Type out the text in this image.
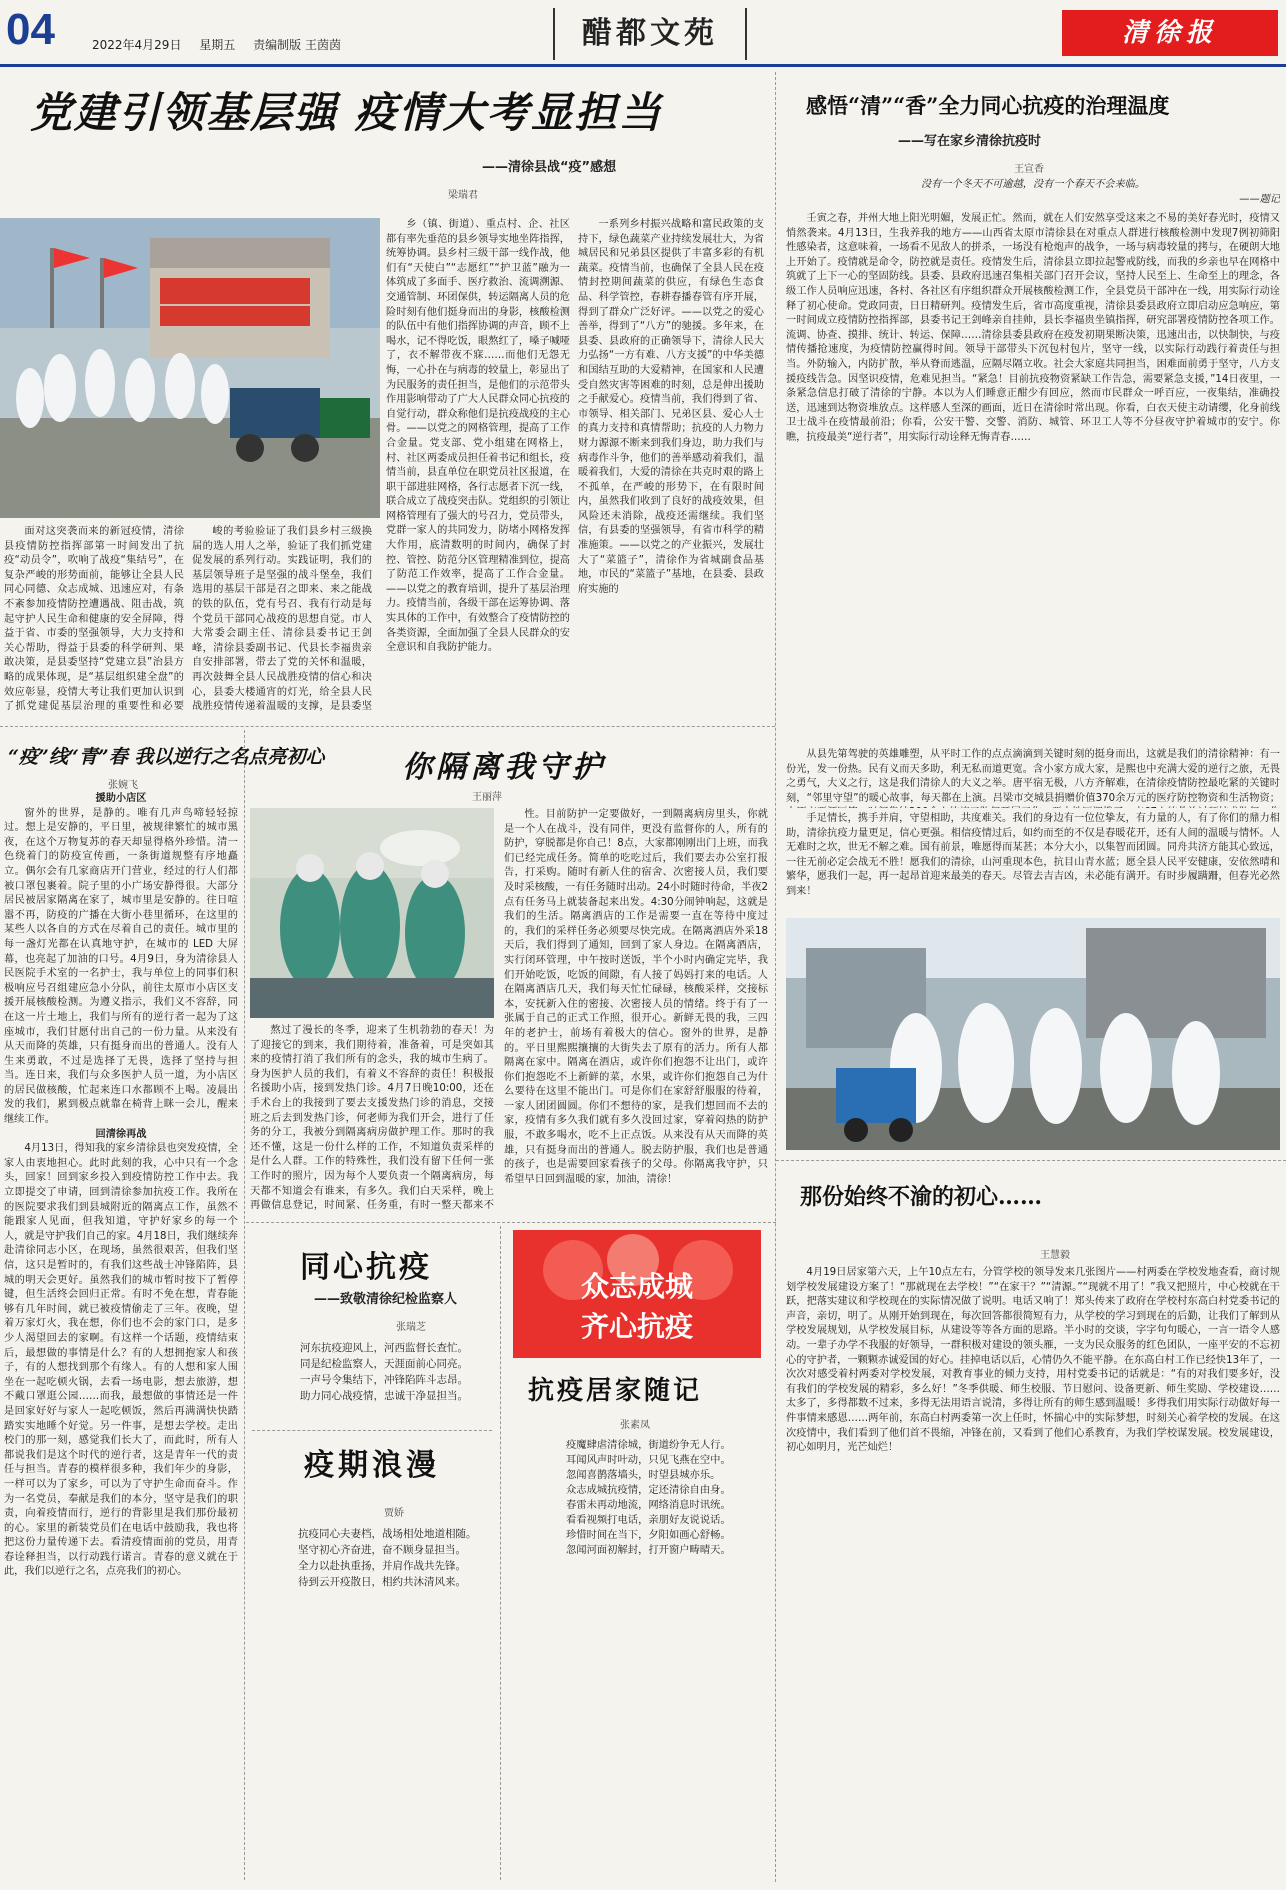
04	2022年4月29日 星期五 责编制版 王茵茵	醋都文苑	清徐报
党建引领基层强 疫情大考显担当
——清徐县战“疫”感想
梁瑞君

面对这突袭而来的新冠疫情，清徐县疫情防控指挥部第一时间发出了抗疫“动员令”，吹响了战疫“集结号”，在复杂严峻的形势面前，能够让全县人民同心同德、众志成城、迅速应对，有条不紊参加疫情防控遭遇战、阻击战，筑起守护人民生命和健康的安全屏障，得益于省、市委的坚强领导，大力支持和关心帮助，得益于县委的科学研判、果敢决策，是县委坚持“党建立县”治县方略的成果体现，是“基层组织建全盘”的效应彰显，疫情大考让我们更加认识到了抓党建促基层治理的重要性和必要

峻的考验验证了我们县乡村三级换届的选人用人之举，验证了我们抓党建促发展的系列行动。实践证明，我们的基层领导班子是坚强的战斗堡垒，我们选用的基层干部是召之即来、来之能战的铁的队伍，党有号召、我有行动是每个党员干部同心战疫的思想自觉。市人大常委会副主任、清徐县委书记王剑峰，清徐县委副书记、代县长李福贵亲自安排部署，带去了党的关怀和温暖，再次鼓舞全县人民战胜疫情的信心和决心，县委大楼通宵的灯光，给全县人民战胜疫情传递着温暖的支撑，是县委坚

乡（镇、街道）、重点村、企、社区都有率先垂范的县乡领导实地坐阵指挥，统筹协调。县乡村三级干部一线作战，他们有“天使白”“志愿红”“护卫蓝”融为一体筑成了多面手、医疗救治、流调溯源、交通管制、环团保供，转运隔离人员的危险时刻有他们挺身而出的身影，核酸检测的队伍中有他们指挥协调的声音，顾不上喝水，记不得吃饭，眼熬红了，嗓子喊哑了，衣不解带夜不寐……而他们无怨无悔，一心扑在与病毒的较量上，彰显出了为民服务的责任担当，是他们的示范带头作用影响带动了广大人民群众同心抗疫的自觉行动，群众称他们是抗疫战疫的主心骨。——以党之的网格管理，提高了工作合金量。党支部、党小组建在网格上，村、社区两委成员担任着书记和组长，疫情当前，县直单位在职党员社区报道，在职干部进驻网格，各行志愿者下沉一线，联合成立了战疫突击队。党组织的引领让网格管理有了强大的号召力，党员带头，党群一家人的共同发力，防堵小网格发挥大作用，底清数明的时间内，确保了封控、管控、防范分区管理精准到位，提高了防范工作效率，提高了工作合金量。——以党之的教育培训，提升了基层治理力。疫情当前，各级干部在运筹协调、落实具体的工作中，有效整合了疫情防控的各类资源，全面加强了全县人民群众的安全意识和自我防护能力。

一系列乡村振兴战略和富民政策的支持下，绿色蔬菜产业持续发展壮大，为省城居民和兄弟县区提供了丰富多彩的有机蔬菜。疫情当前，也确保了全县人民在疫情封控期间蔬菜的供应，有绿色生态食品、科学管控，春耕春播春管有序开展，得到了群众广泛好评。——以党之的爱心善举，得到了“八方”的驰援。多年来，在县委、县政府的正确领导下，清徐人民大力弘扬“一方有难、八方支援”的中华美德和国结互助的大爱精神，在国家和人民遭受自然灾害等困难的时刻，总是伸出援助之手献爱心。疫情当前，我们得到了省、市领导、相关部门、兄弟区县、爱心人士的真力支持和真情帮助；抗疫的人力物力财力源源不断来到我们身边，助力我们与病毒作斗争，他们的善举感动着我们，温暖着我们，大爱的清徐在共克时艰的路上不孤单，在严峻的形势下，在有限时间内，虽然我们收到了良好的战疫效果，但风险还未消除，战疫还需继续。我们坚信，有县委的坚强领导，有省市科学的精准施策。——以党之的产业振兴，发展壮大了“菜篮子”，清徐作为省城副食品基地，市民的“菜篮子”基地，在县委、县政府实施的

感悟“清”“香”全力同心抗疫的治理温度
——写在家乡清徐抗疫时
王宣香
没有一个冬天不可逾越，没有一个春天不会来临。
——题记

壬寅之春，并州大地上阳光明媚，发展正忙。然而，就在人们安然享受这来之不易的美好春光时，疫情又悄然袭来。4月13日，生我养我的地方——山西省太原市清徐县在对重点人群进行核酸检测中发现7例初筛阳性感染者，这意味着，一场看不见敌人的拼杀，一场没有枪炮声的战争，一场与病毒较量的拷与，在硬朗大地上开始了。疫情就是命令，防控就是责任。疫情发生后，清徐县立即拉起警戒防线，而我的乡亲也早在网格中筑就了上下一心的坚固防线。县委、县政府迅速召集相关部门召开会议，坚持人民至上、生命至上的理念，各级工作人员响应迅速，各村、各社区有序组织群众开展核酸检测工作，全县党员干部冲在一线，用实际行动诠释了初心使命。党政同责，日日精研判。疫情发生后，省市高度重视，清徐县委县政府立即启动应急响应，第一时间成立疫情防控指挥部，县委书记王剑峰亲自挂帅，县长李福贵坐镇指挥，研究部署疫情防控各项工作。流调、协查、摸排、统计、转运、保障……清徐县委县政府在疫发初期果断决策，迅速出击，以快制快，与疫情传播抢速度，为疫情防控赢得时间。领导干部带头下沉包村包片，坚守一线，以实际行动践行着责任与担当。外防输入，内防扩散，举从脊而逃温，应隔尽隔立收。社会大家庭共同担当，困难面前勇于坚守，八方支援疫线告急。因坚识疫情，危难见担当。“紧急！目前抗疫物资紧缺工作告急，需要紧急支援，”14日夜里，一条紧急信息打破了清徐的宁静。本以为人们睡意正酣少有回应，然而市民群众一呼百应，一夜集结，准确投送，迅速到达物资堆放点。这样感人至深的画面，近日在清徐时常出现。你看，白衣天使主动请缨，化身前线卫士战斗在疫情最前沿；你看，公安干警、交警、消防、城管、环卫工人等不分昼夜守护着城市的安宁。你瞧，抗疫最美“逆行者”，用实际行动诠释无悔青春……

从县先第驾驶的英雄雕塑，从平时工作的点点滴滴到关键时刻的挺身而出，这就是我们的清徐精神：有一份光，发一份热。民有义而天多助，利无私而道更宽。含小家方成大家，是熙也中充满大爱的逆行之旅，无畏之勇气，大义之行，这是我们清徐人的大义之举。唐平宿无极，八方齐解难，在清徐疫情防控最吃紧的关键时刻，“邻里守望”的暖心故事，每天都在上演。吕梁市交城县捐赠价值370余万元的医疗防控物资和生活物资；

手足情长，携手并肩，守望相助，共度难关。我们的身边有一位位挚友，有力量的人，有了你们的鼎力相助，清徐抗疫力量更足，信心更强。相信疫情过后，如约而至的不仅是春暖花开，还有人间的温暖与情怀。人无难时之坎，世无不解之难。国有前景，唯愿得而某甚；本分大小，以集智而团圆。同舟共济方能其心致远，一往无前必定会战无不胜！愿我们的清徐，山河重现本色，抗目山青水蓝；愿全县人民平安健康，安依然晴和繁华，愿我们一起，再一起昂首迎来最美的春天。尽管去吉吉凶，未必能有满开。有时步履蹒跚，但春光必然到来！

那份始终不渝的初心……
王慧毅

4月19日居家第六天，上午10点左右，分管学校的领导发来几张图片——村两委在学校发地查看，商讨规划学校发展建设方案了！“那就现在去学校！”“在家干？”“清源。”“现就不用了！”我又把照片，中心校就在干跃，把落实建议和学校现在的实际情况做了说明。电话又响了！郑头传来了政府在学校村东高白村党委书记的声音，亲切，明了。从刚开始到现在，每次回答都很简短有力，从学校的学习到现在的后勤，让我们了解到从学校发展规划，从学校发展目标，从建设等等各方面的思路。半小时的交谈，字字句句暖心，一言一语令人感动。一辈子办学不我服的好领导，一群积极对建设的领头雁，一支为民众服务的红色团队，一座平安的不忘初心的守护者，一颗颗赤诚爱国的好心。挂掉电话以后，心情仍久不能平静。在东高白村工作已经快13年了，一次次对感受着村两委对学校发展，对教育事业的倾力支持，用村党委书记的话就是：“有的对我们要多好，没有我们的学校发展的精彩，多么好！”冬季供暖、师生校服、节日慰问、设备更新、师生奖励、学校建设……太多了，多得都数不过来，多得无法用语言说清，多得让所有的师生感到温暖！多得我们用实际行动做好每一件事情来感恩……两年前，东高白村两委第一次上任时，怀揣心中的实际梦想，时刻关心着学校的发展。在这次疫情中，我们看到了他们首不畏缩，冲锋在前，又看到了他们心系教育，为我们学校谋发展。校发展建设，初心如明月，光芒灿烂！

“疫”线“青”春 我以逆行之名点亮初心
张婉飞

援助小店区

窗外的世界，是静的。唯有几声鸟啼轻轻掠过。想上是安静的，平日里，被规律繁忙的城市黑夜，在这个万物复苏的春天却显得格外珍惜。清一色绕着门的防疫宣传画，一条街道规整有序地矗立。偶尔会有几家商店开门营业，经过的行人们都被口罩包裹着。院子里的小广场安静得很。大部分居民被居家隔离在家了，城市里是安静的。往日喧嚣不再，防疫的广播在大街小巷里循环，在这里的某些人以各自的方式在尽着自己的责任。城市里的每一盏灯光都在认真地守护，在城市的 LED 大屏幕，也亮起了加油的口号。4月9日，身为清徐县人民医院手术室的一名护士，我与单位上的同事们积极响应号召组建应急小分队，前往太原市小店区支援开展核酸检测。为遵义指示，我们义不容辞，同在这一片土地上，我们与所有的逆行者一起为了这座城市，我们甘愿付出自己的一份力量。从来没有从天而降的英雄，只有挺身而出的普通人。没有人生来勇敢，不过是选择了无畏，选择了坚持与担当。连日来，我们与众多医护人员一道，为小店区的居民做核酸，忙起来连口水都顾不上喝。凌晨出发的我们，累到极点就靠在椅背上眯一会儿，醒来继续工作。

回清徐再战

4月13日，得知我的家乡清徐县也突发疫情，全家人由衷地担心。此时此刻的我，心中只有一个念头，回家！回到家乡投入到疫情防控工作中去。我立即提交了申请，回到清徐参加抗疫工作。我所在的医院要求我们到县城附近的隔离点工作，虽然不能跟家人见面，但我知道，守护好家乡的每一个人，就是守护我们自己的家。4月18日，我们继续奔赴清徐同志小区，在现场，虽然很艰苦，但我们坚信，这只是暂时的，有我们这些战士冲锋陷阵，县城的明天会更好。虽然我们的城市暂时按下了暂停键，但生活终会回归正常。有时不免在想，青春能够有几年时间，就已被疫情偷走了三年。夜晚，望着万家灯火，我在想，你们也不会的家门口，是多少人渴望回去的家啊。有这样一个话题，疫情结束后，最想做的事情是什么？有的人想拥抱家人和孩子，有的人想找到那个有缘人。有的人想和家人围坐在一起吃顿火锅，去看一场电影，想去旅游，想不戴口罩逛公园……而我，最想做的事情还是一件是回家好好与家人一起吃顿饭，然后再满满快快踏踏实实地睡个好觉。另一件事，是想去学校。走出校门的那一刻，感觉我们长大了，而此时，所有人都说我们是这个时代的逆行者，这是青年一代的责任与担当。青春的模样很多种，我们年少的身影，一样可以为了家乡，可以为了守护生命而奋斗。作为一名党员，奉献是我们的本分，坚守是我们的职责，向着疫情而行，逆行的背影里是我们那份最初的心。家里的新装党员们在电话中鼓励我，我也将把这份力量传递下去。看清疫情面前的党员，用青春诠释担当，以行动践行诺言。青春的意义就在于此，我们以逆行之名，点亮我们的初心。

你隔离我守护
王丽萍

熬过了漫长的冬季，迎来了生机勃勃的春天！为了迎接它的到来，我们期待着，准备着，可是突如其来的疫情打消了我们所有的念头，我的城市生病了。身为医护人员的我们，有着义不容辞的责任！积极报名援助小店，接到发热门诊。4月7日晚10:00，还在手术台上的我接到了要去支援发热门诊的消息，交接班之后去到发热门诊，何老师为我们开会，进行了任务的分工，我被分到隔离病房做护理工作。那时的我还不懂，这是一份什么样的工作，不知道负责采样的是什么人群。工作的特殊性，我们没有留下任何一张工作时的照片，因为每个人要负责一个隔离病房，每天都不知道会有谁来，有多久。我们白天采样，晚上再做信息登记，时间紧、任务重，有时一整天都来不

性。目前防护一定要做好，一到隔离病房里头，你就是一个人在战斗，没有同伴，更没有监督你的人，所有的防护，穿脱都是你自己！8点，大家都刚刚出门上班，而我们已经完成任务。简单的吃吃过后，我们要去办公室打报告，打采购。随时有新人住的宿舍、次密接人员，我们要及时采核酸，一有任务随时出动。24小时随时待命，半夜2点有任务马上就装备起来出发。4:30分闹钟响起，这就是我们的生活。隔离酒店的工作是需要一直在等待中度过的，我们的采样任务必须要尽快完成。在隔离酒店外采18天后，我们得到了通知，回到了家人身边。在隔离酒店，实行闭环管理，中午按时送饭，半个小时内确定完毕，我们开始吃饭，吃饭的间隙，有人接了妈妈打来的电话。人在隔离酒店几天，我们每天忙忙碌碌，核酸采样，交接标本，安抚新入住的密接、次密接人员的情绪。终于有了一张属于自己的正式工作照，很开心。新鲜无畏的我，三四年的老护士，前场有着极大的信心。窗外的世界，是静的。平日里熙熙攘攘的大街失去了原有的活力。所有人都隔离在家中。隔离在酒店，或许你们抱怨不让出门，或许你们抱怨吃不上新鲜的菜，水果，或许你们抱怨自己为什么要待在这里不能出门。可是你们在家舒舒服服的待着，一家人团团圆圆。你们不想待的家，是我们想回而不去的家，疫情有多久我们就有多久没回过家，穿着闷热的防护服，不敢多喝水，吃不上正点饭。从来没有从天而降的英雄，只有挺身而出的普通人。脱去防护服，我们也是普通的孩子，也是需要回家看孩子的父母。你隔离我守护，只希望早日回到温暖的家，加油，清徐！

同心抗疫
——致敬清徐纪检监察人
张瑞芝
河东抗疫迎风上，河西监督长查忙。
同是纪检监察人，天涯面前心同亮。
一声号令集结下，冲锋陷阵斗志昂。
助力同心战疫情，忠诚干净显担当。
疫期浪漫
贾娇
抗疫同心夫妻档，战场相处地道相随。
坚守初心齐奋进，奋不顾身显担当。
全力以赴执重扬，并肩作战共先锋。
待到云开疫散日，相约共沐清风来。
众志成城
齐心抗疫
抗疫居家随记
张素凤
疫魔肆虐清徐城，街道纷争无人行。
耳闻风声时叶动，只见飞燕在空中。
忽闻喜鹊落墙头，时望县城亦乐。
众志成城抗疫情，定还清徐自由身。
春雷未再动地流，网络消息时讯统。
看看视频打电话，亲朋好友说说话。
珍惜时间在当下，夕阳如画心舒畅。
忽闻河面初解封，打开窗户畴晴天。
